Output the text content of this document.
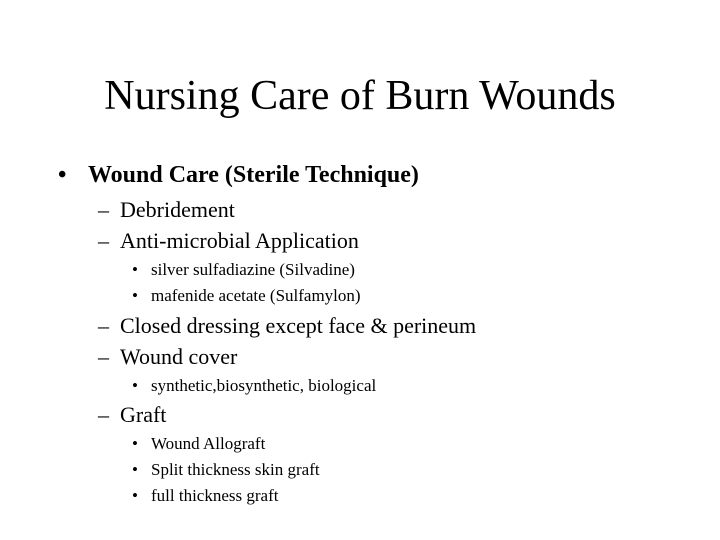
Nursing Care of Burn Wounds
• Wound Care (Sterile Technique)
– Debridement
– Anti-microbial Application
• silver sulfadiazine (Silvadine)
• mafenide acetate (Sulfamylon)
– Closed dressing except face & perineum
– Wound cover
• synthetic,biosynthetic, biological
– Graft
• Wound Allograft
• Split thickness skin graft
• full thickness graft
